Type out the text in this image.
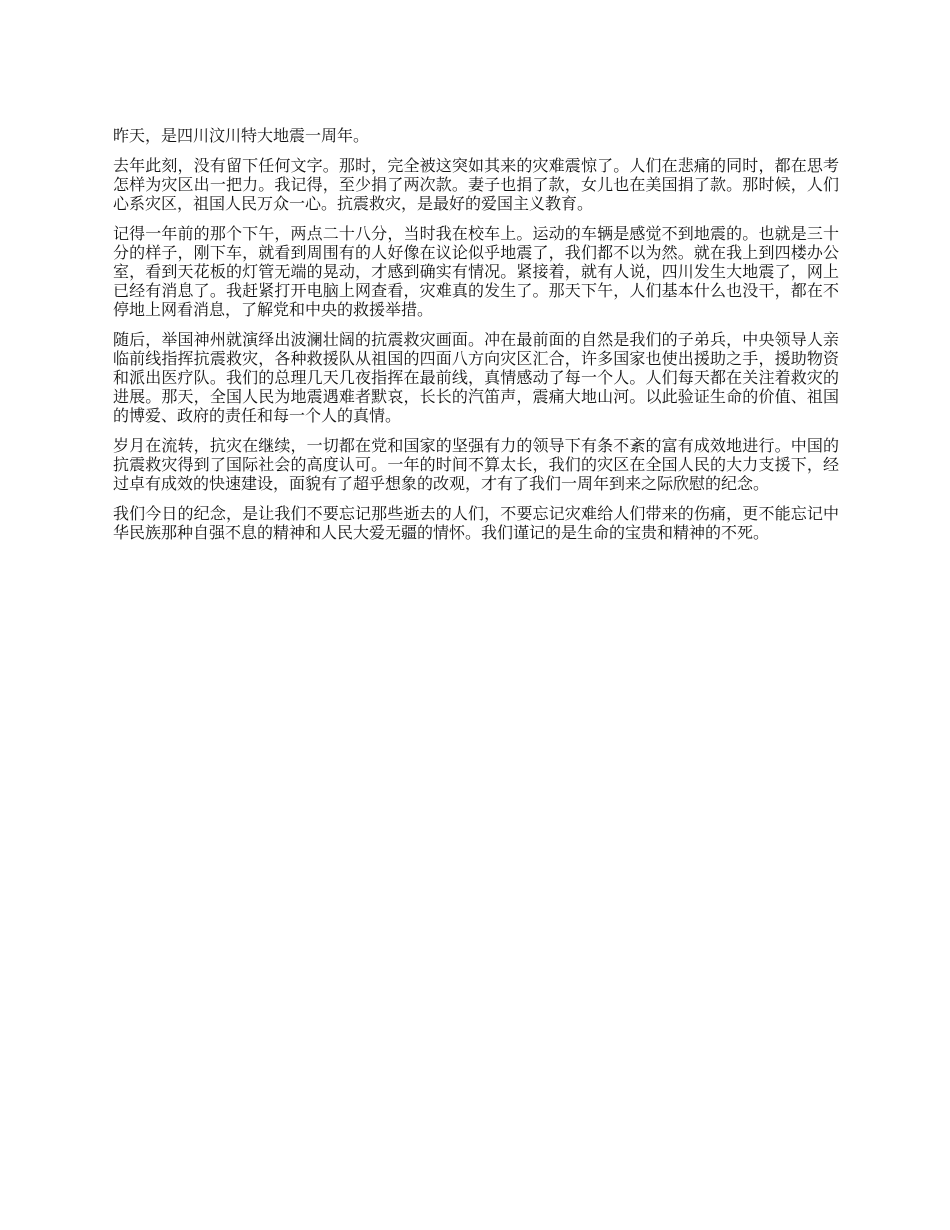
昨天，是四川汶川特大地震一周年。

去年此刻，没有留下任何文字。那时，完全被这突如其来的灾难震惊了。人们在悲痛的同时，都在思考怎样为灾区出一把力。我记得，至少捐了两次款。妻子也捐了款，女儿也在美国捐了款。那时候，人们心系灾区，祖国人民万众一心。抗震救灾，是最好的爱国主义教育。

记得一年前的那个下午，两点二十八分，当时我在校车上。运动的车辆是感觉不到地震的。也就是三十分的样子，刚下车，就看到周围有的人好像在议论似乎地震了，我们都不以为然。就在我上到四楼办公室，看到天花板的灯管无端的晃动，才感到确实有情况。紧接着，就有人说，四川发生大地震了，网上已经有消息了。我赶紧打开电脑上网查看，灾难真的发生了。那天下午，人们基本什么也没干，都在不停地上网看消息，了解党和中央的救援举措。

随后，举国神州就演绎出波澜壮阔的抗震救灾画面。冲在最前面的自然是我们的子弟兵，中央领导人亲临前线指挥抗震救灾，各种救援队从祖国的四面八方向灾区汇合，许多国家也使出援助之手，援助物资和派出医疗队。我们的总理几天几夜指挥在最前线，真情感动了每一个人。人们每天都在关注着救灾的进展。那天，全国人民为地震遇难者默哀，长长的汽笛声，震痛大地山河。以此验证生命的价值、祖国的博爱、政府的责任和每一个人的真情。

岁月在流转，抗灾在继续，一切都在党和国家的坚强有力的领导下有条不紊的富有成效地进行。中国的抗震救灾得到了国际社会的高度认可。一年的时间不算太长，我们的灾区在全国人民的大力支援下，经过卓有成效的快速建设，面貌有了超乎想象的改观，才有了我们一周年到来之际欣慰的纪念。

我们今日的纪念，是让我们不要忘记那些逝去的人们，不要忘记灾难给人们带来的伤痛，更不能忘记中华民族那种自强不息的精神和人民大爱无疆的情怀。我们谨记的是生命的宝贵和精神的不死。
